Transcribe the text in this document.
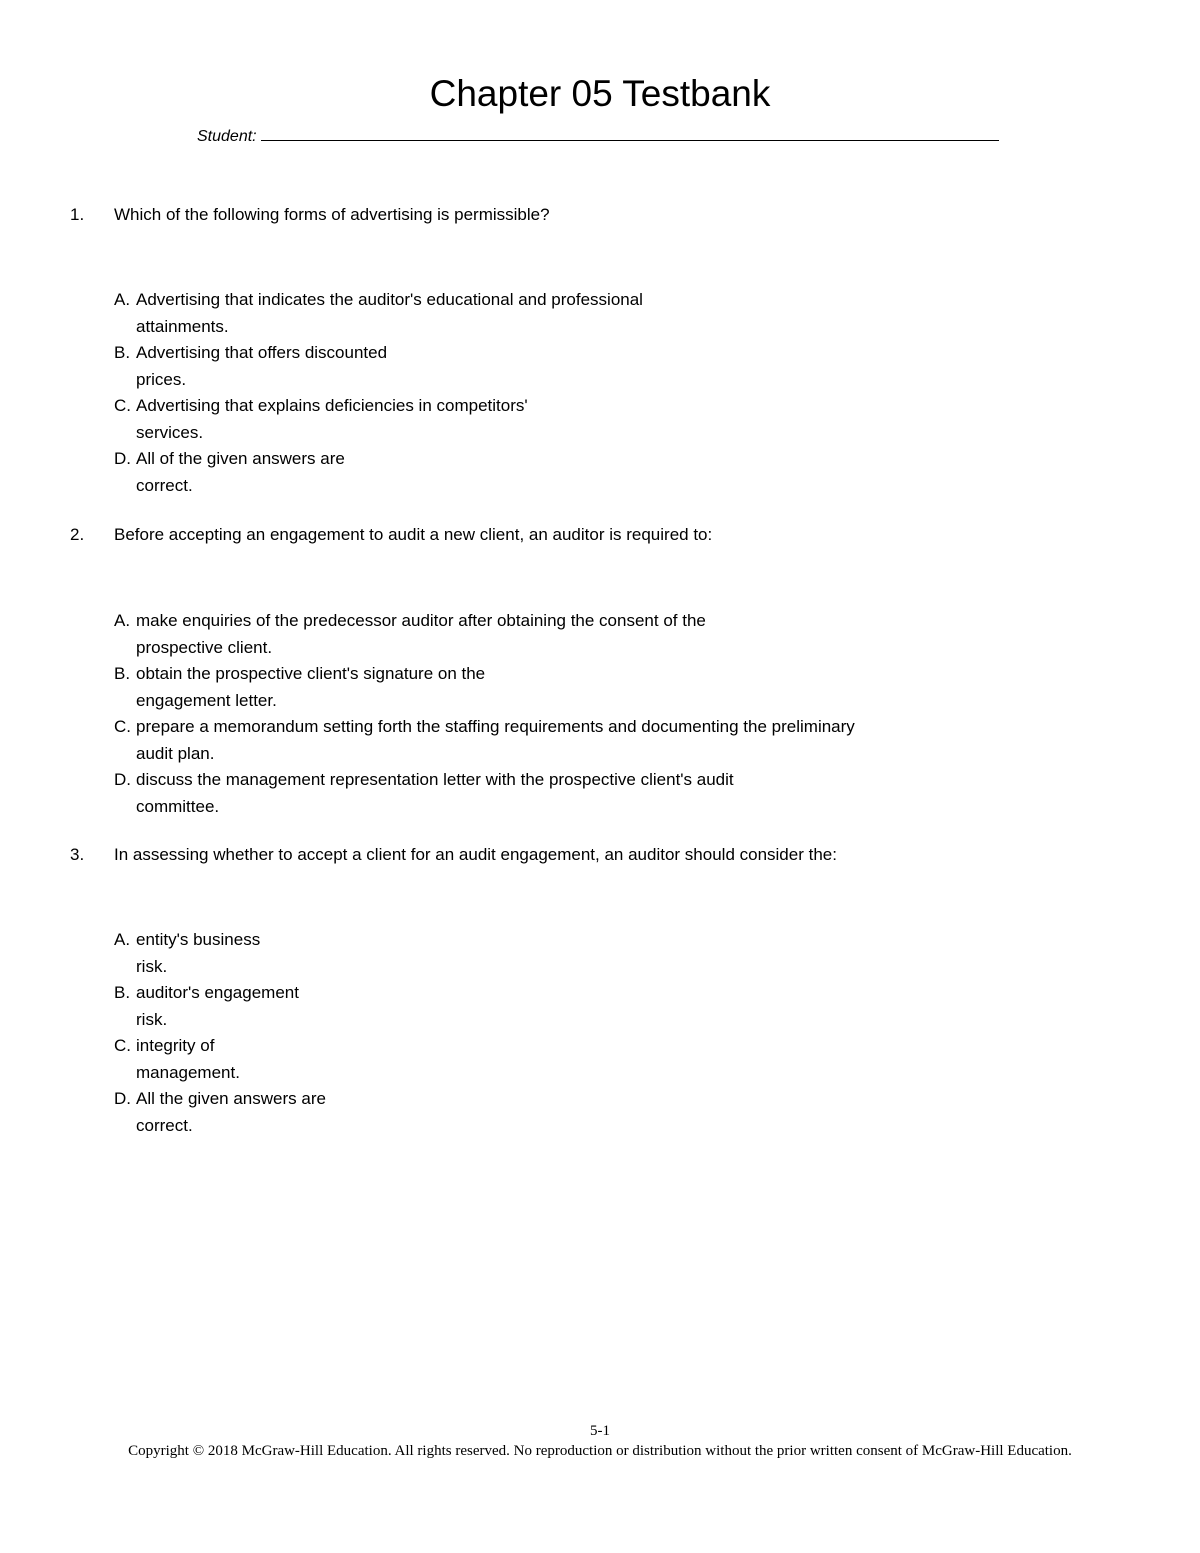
Chapter 05 Testbank
Student:
1. Which of the following forms of advertising is permissible?
A. Advertising that indicates the auditor's educational and professional
attainments.
B. Advertising that offers discounted
prices.
C. Advertising that explains deficiencies in competitors'
services.
D. All of the given answers are
correct.
2. Before accepting an engagement to audit a new client, an auditor is required to:
A. make enquiries of the predecessor auditor after obtaining the consent of the
prospective client.
B. obtain the prospective client's signature on the
engagement letter.
C. prepare a memorandum setting forth the staffing requirements and documenting the preliminary
audit plan.
D. discuss the management representation letter with the prospective client's audit
committee.
3. In assessing whether to accept a client for an audit engagement, an auditor should consider the:
A. entity's business
risk.
B. auditor's engagement
risk.
C. integrity of
management.
D. All the given answers are
correct.
5-1
Copyright © 2018 McGraw-Hill Education. All rights reserved. No reproduction or distribution without the prior written consent of McGraw-Hill Education.
